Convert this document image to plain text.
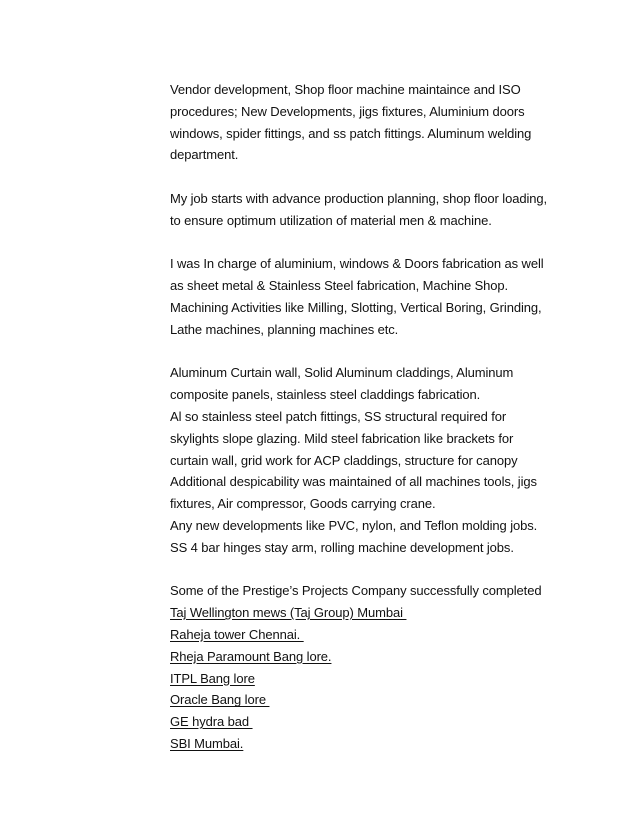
Vendor development, Shop floor machine maintaince and ISO
procedures; New Developments, jigs fixtures, Aluminium doors
windows, spider fittings, and ss patch fittings. Aluminum welding
department.
My job starts with advance production planning, shop floor loading,
to ensure optimum utilization of material men & machine.
I was In charge of aluminium, windows & Doors fabrication as well
as sheet metal & Stainless Steel fabrication, Machine Shop.
Machining Activities like Milling, Slotting, Vertical Boring, Grinding,
Lathe machines, planning machines etc.
Aluminum Curtain wall, Solid Aluminum claddings, Aluminum
composite panels, stainless steel claddings fabrication.
Al so stainless steel patch fittings, SS structural required for
skylights slope glazing. Mild steel fabrication like brackets for
curtain wall, grid work for ACP claddings, structure for canopy
Additional despicability was maintained of all machines tools, jigs
fixtures, Air compressor, Goods carrying crane.
Any new developments like PVC, nylon, and Teflon molding jobs.
SS 4 bar hinges stay arm, rolling machine development jobs.
Some of the Prestige’s Projects Company successfully completed
Taj Wellington mews (Taj Group) Mumbai
Raheja tower Chennai.
Rheja Paramount Bang lore.
ITPL Bang lore
Oracle Bang lore
GE hydra bad
SBI Mumbai.
